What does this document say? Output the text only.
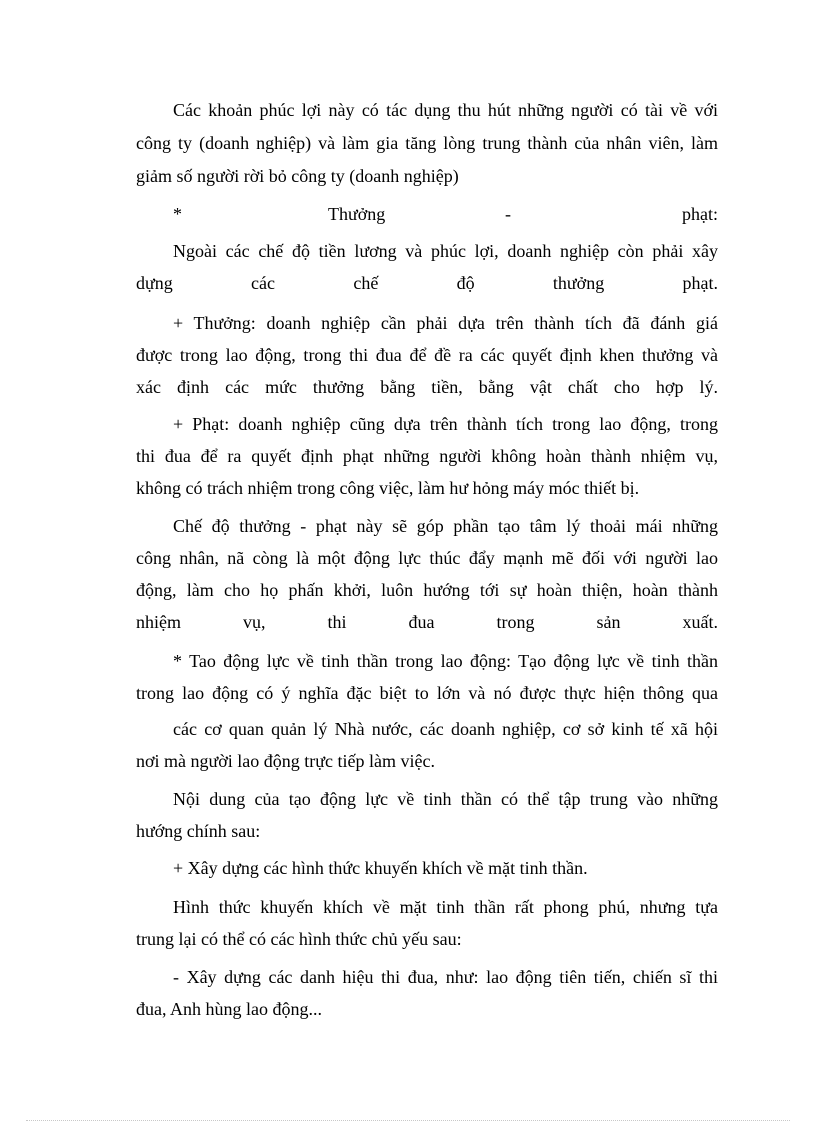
Các khoản phúc lợi này có tác dụng thu hút những người có tài về với
công ty (doanh nghiệp) và làm gia tăng lòng trung thành của nhân viên, làm
giảm số người rời bỏ công ty (doanh nghiệp)
*	Thưởng	-	phạt:
Ngoài các chế độ tiền lương và phúc lợi, doanh nghiệp còn phải xây
dựng các chế độ thưởng phạt.
+ Thưởng: doanh nghiệp cần phải dựa trên thành tích đã đánh giá
được trong lao động, trong thi đua để đề ra các quyết định khen thưởng và
xác định các mức thưởng bằng tiền, bằng vật chất cho hợp lý.
+ Phạt: doanh nghiệp cũng dựa trên thành tích trong lao động, trong
thi đua để ra quyết định phạt những người không hoàn thành nhiệm vụ,
không có trách nhiệm trong công việc, làm hư hỏng máy móc thiết bị.
Chế độ thưởng - phạt này sẽ góp phần tạo tâm lý thoải mái những
công nhân, nã còng là một động lực thúc đẩy mạnh mẽ đối với người lao
động, làm cho họ phấn khởi, luôn hướng tới sự hoàn thiện, hoàn thành
nhiệm vụ, thi đua trong sản xuất.
* Tao động lực về tinh thần trong lao động: Tạo động lực về tinh thần
trong lao động có ý nghĩa đặc biệt to lớn và nó được thực hiện thông qua
các cơ quan quản lý Nhà nước, các doanh nghiệp, cơ sở kinh tế xã hội
nơi mà người lao động trực tiếp làm việc.
Nội dung của tạo động lực về tinh thần có thể tập trung vào những
hướng chính sau:
+ Xây dựng các hình thức khuyến khích về mặt tinh thần.
Hình thức khuyến khích về mặt tinh thần rất phong phú, nhưng tựa
trung lại có thể có các hình thức chủ yếu sau:
- Xây dựng các danh hiệu thi đua, như: lao động tiên tiến, chiến sĩ thi
đua, Anh hùng lao động...
